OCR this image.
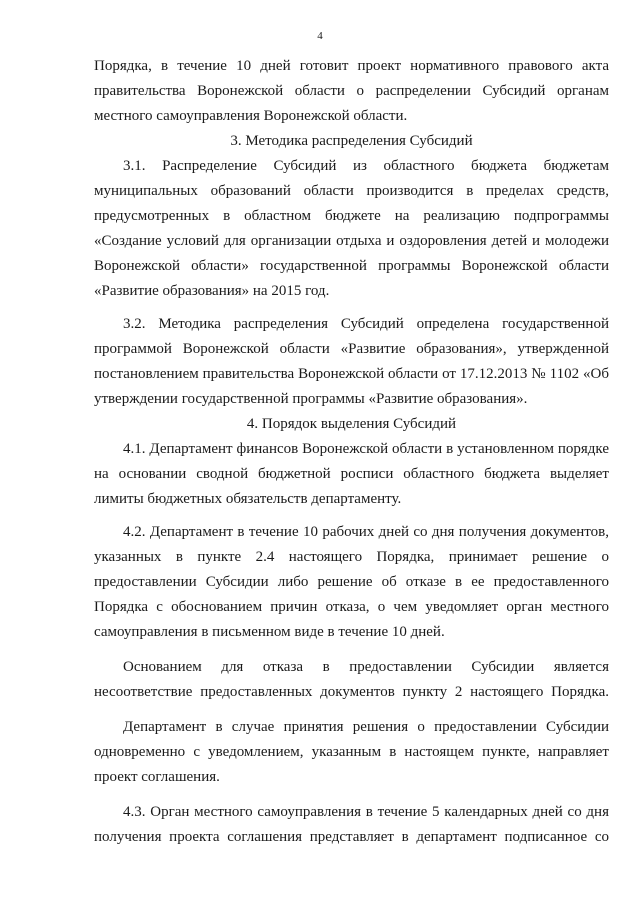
4

Порядка, в течение 10 дней готовит проект нормативного правового акта правительства Воронежской области о распределении Субсидий органам местного самоуправления Воронежской области.

3. Методика распределения Субсидий

3.1. Распределение Субсидий из областного бюджета бюджетам муниципальных образований области производится в пределах средств, предусмотренных в областном бюджете на реализацию подпрограммы «Создание условий для организации отдыха и оздоровления детей и молодежи Воронежской области» государственной программы Воронежской области «Развитие образования» на 2015 год.

3.2. Методика распределения Субсидий определена государственной программой Воронежской области «Развитие образования», утвержденной постановлением правительства Воронежской области от 17.12.2013 № 1102 «Об утверждении государственной программы «Развитие образования».

4. Порядок выделения Субсидий

4.1. Департамент финансов Воронежской области в установленном порядке на основании сводной бюджетной росписи областного бюджета выделяет лимиты бюджетных обязательств департаменту.

4.2. Департамент в течение 10 рабочих дней со дня получения документов, указанных в пункте 2.4 настоящего Порядка, принимает решение о предоставлении Субсидии либо решение об отказе в ее предоставленного Порядка с обоснованием причин отказа, о чем уведомляет орган местного самоуправления в письменном виде в течение 10 дней.

Основанием для отказа в предоставлении Субсидии является несоответствие предоставленных документов пункту 2 настоящего Порядка.

Департамент в случае принятия решения о предоставлении Субсидии одновременно с уведомлением, указанным в настоящем пункте, направляет проект соглашения.

4.3. Орган местного самоуправления в течение 5 календарных дней со дня получения проекта соглашения представляет в департамент подписанное со
